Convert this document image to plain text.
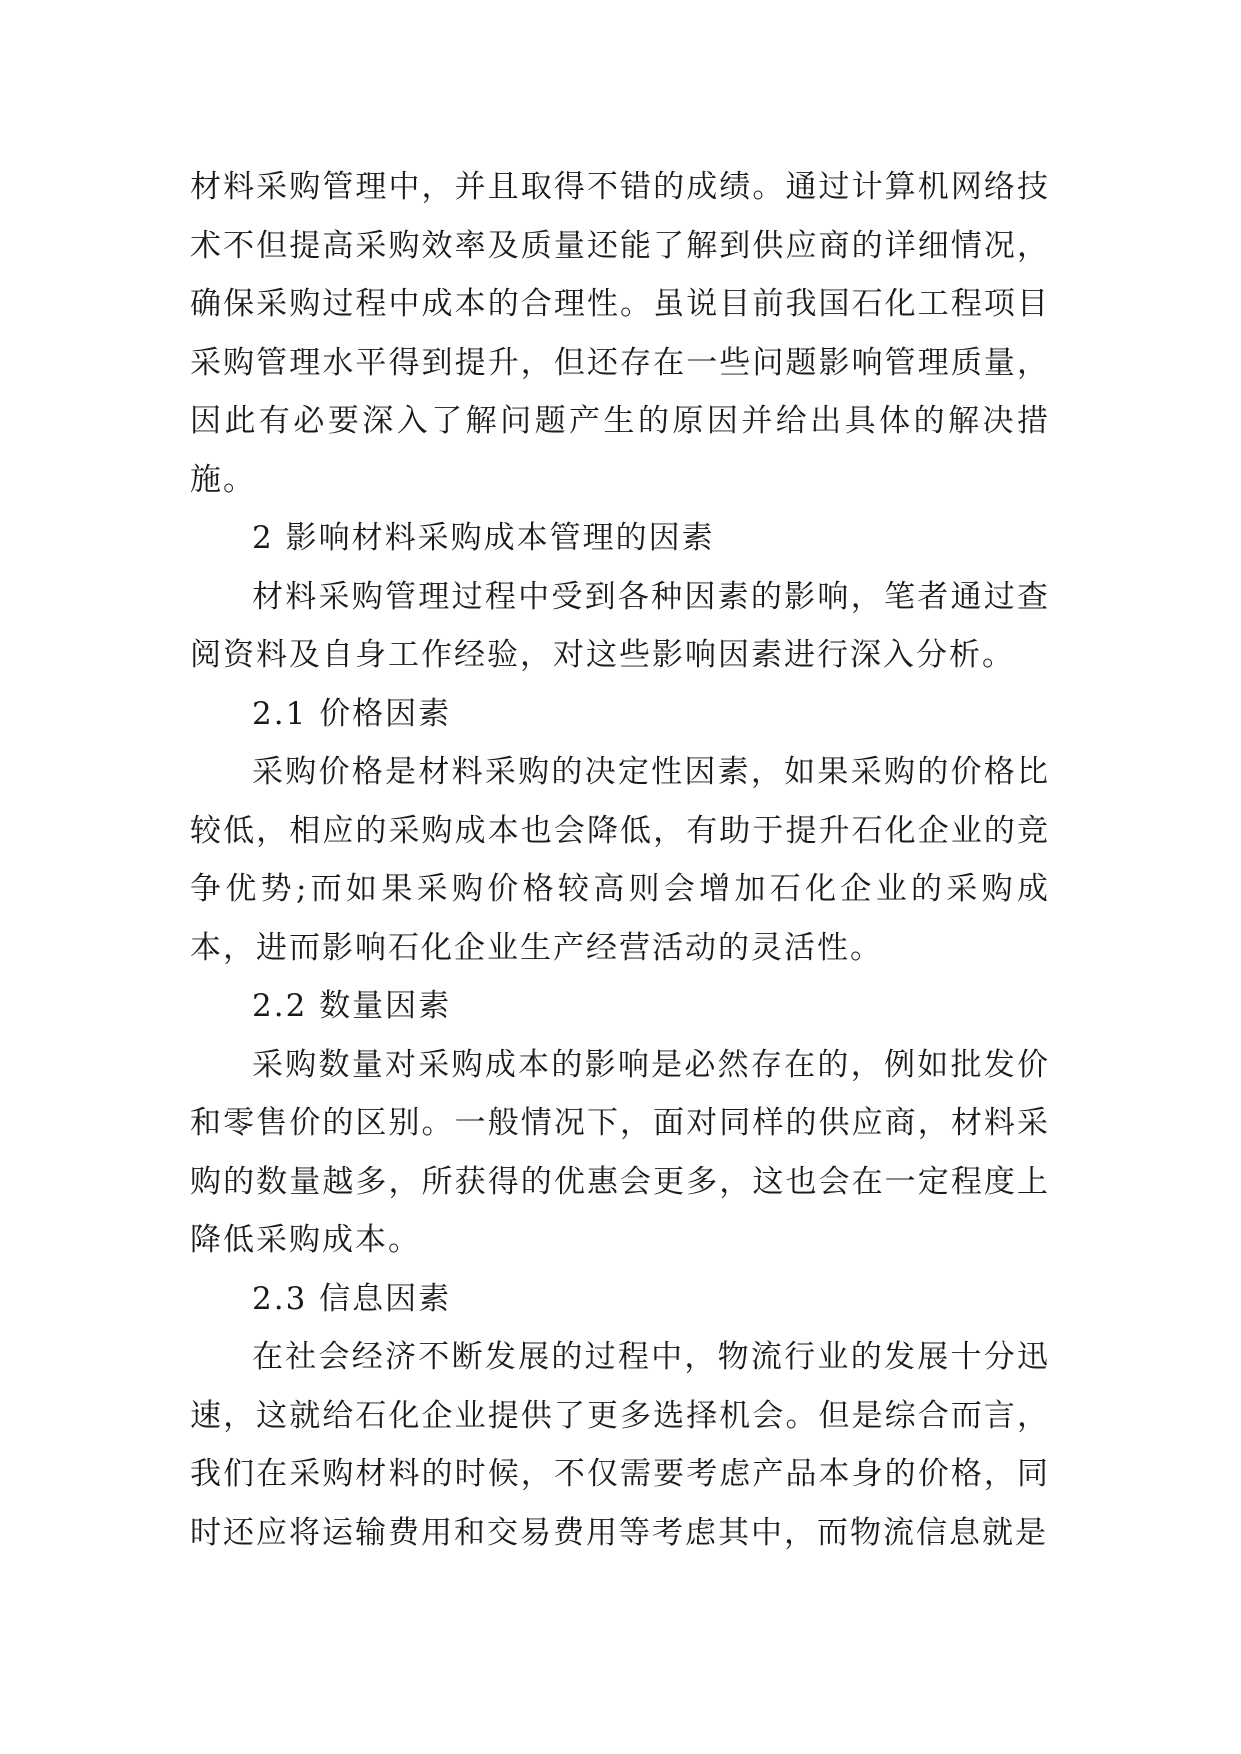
材料采购管理中，并且取得不错的成绩。通过计算机网络技术不但提高采购效率及质量还能了解到供应商的详细情况，确保采购过程中成本的合理性。虽说目前我国石化工程项目采购管理水平得到提升，但还存在一些问题影响管理质量，因此有必要深入了解问题产生的原因并给出具体的解决措施。

2 影响材料采购成本管理的因素

材料采购管理过程中受到各种因素的影响，笔者通过查阅资料及自身工作经验，对这些影响因素进行深入分析。

2.1 价格因素

采购价格是材料采购的决定性因素，如果采购的价格比较低，相应的采购成本也会降低，有助于提升石化企业的竞争优势;而如果采购价格较高则会增加石化企业的采购成本，进而影响石化企业生产经营活动的灵活性。

2.2 数量因素

采购数量对采购成本的影响是必然存在的，例如批发价和零售价的区别。一般情况下，面对同样的供应商，材料采购的数量越多，所获得的优惠会更多，这也会在一定程度上降低采购成本。

2.3 信息因素

在社会经济不断发展的过程中，物流行业的发展十分迅速，这就给石化企业提供了更多选择机会。但是综合而言，我们在采购材料的时候，不仅需要考虑产品本身的价格，同时还应将运输费用和交易费用等考虑其中，而物流信息就是
